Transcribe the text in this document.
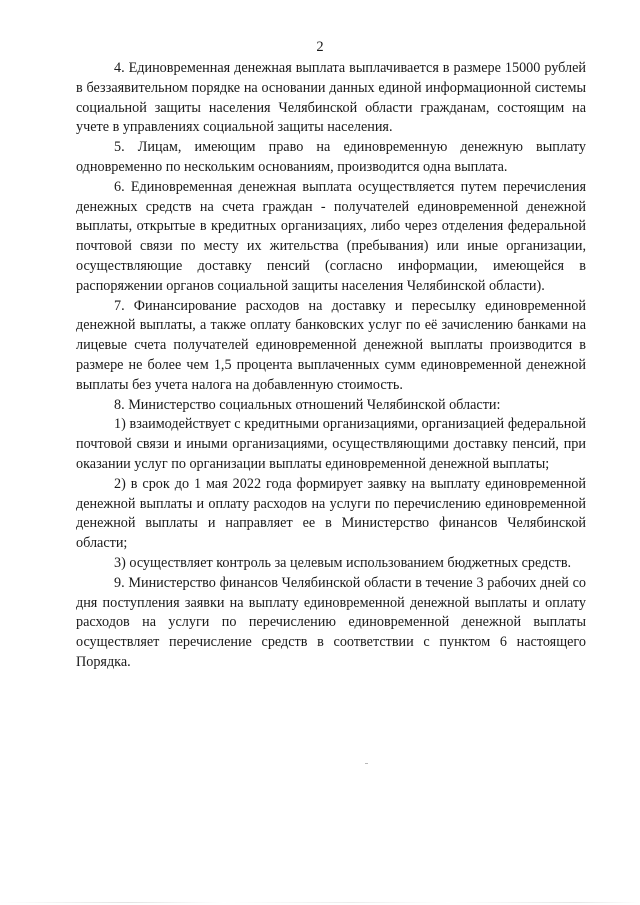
2

4. Единовременная денежная выплата выплачивается в размере 15000 рублей в беззаявительном порядке на основании данных единой информационной системы социальной защиты населения Челябинской области гражданам, состоящим на учете в управлениях социальной защиты населения.

5. Лицам, имеющим право на единовременную денежную выплату одновременно по нескольким основаниям, производится одна выплата.

6. Единовременная денежная выплата осуществляется путем перечисления денежных средств на счета граждан - получателей единовременной денежной выплаты, открытые в кредитных организациях, либо через отделения федеральной почтовой связи по месту их жительства (пребывания) или иные организации, осуществляющие доставку пенсий (согласно информации, имеющейся в распоряжении органов социальной защиты населения Челябинской области).

7. Финансирование расходов на доставку и пересылку единовременной денежной выплаты, а также оплату банковских услуг по её зачислению банками на лицевые счета получателей единовременной денежной выплаты производится в размере не более чем 1,5 процента выплаченных сумм единовременной денежной выплаты без учета налога на добавленную стоимость.

8. Министерство социальных отношений Челябинской области:

1) взаимодействует с кредитными организациями, организацией федеральной почтовой связи и иными организациями, осуществляющими доставку пенсий, при оказании услуг по организации выплаты единовременной денежной выплаты;

2) в срок до 1 мая 2022 года формирует заявку на выплату единовременной денежной выплаты и оплату расходов на услуги по перечислению единовременной денежной выплаты и направляет ее в Министерство финансов Челябинской области;

3) осуществляет контроль за целевым использованием бюджетных средств.

9. Министерство финансов Челябинской области в течение 3 рабочих дней со дня поступления заявки на выплату единовременной денежной выплаты и оплату расходов на услуги по перечислению единовременной денежной выплаты осуществляет перечисление средств в соответствии с пунктом 6 настоящего Порядка.
